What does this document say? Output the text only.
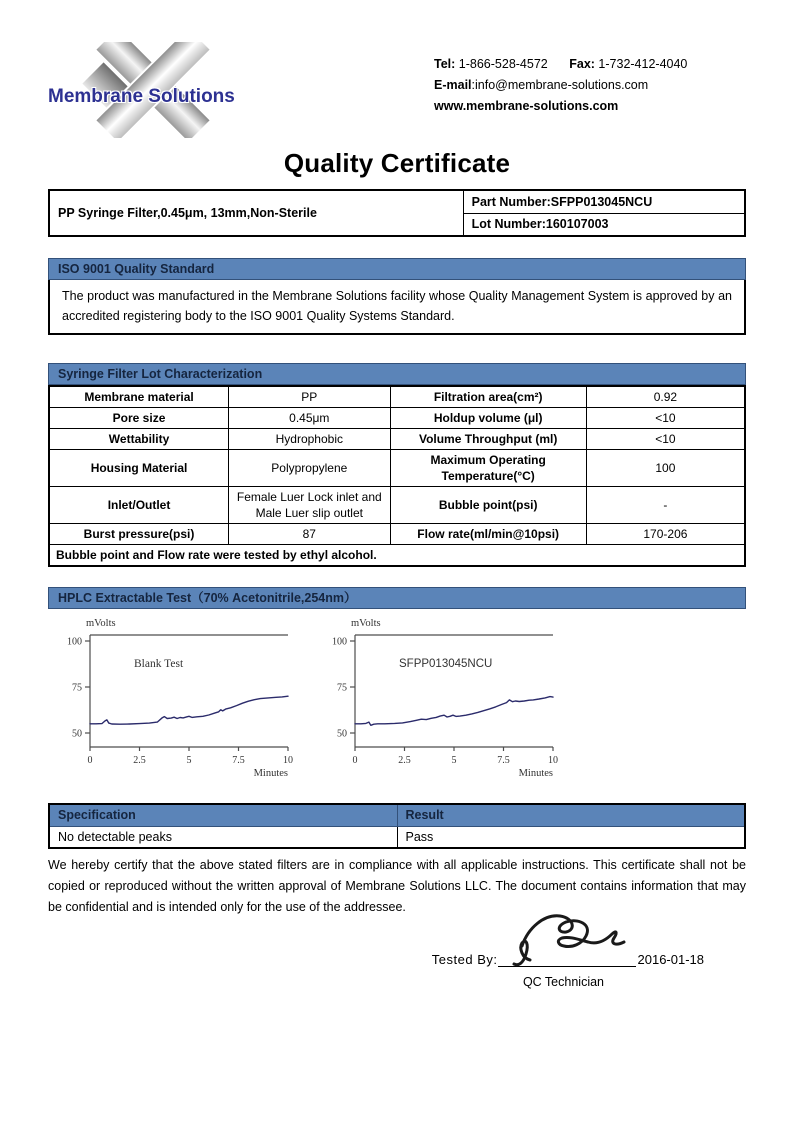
Membrane Solutions
Tel: 1-866-528-4572 Fax: 1-732-412-4040
E-mail:info@membrane-solutions.com
www.membrane-solutions.com
Quality Certificate
PP Syringe Filter,0.45μm, 13mm,Non-Sterile	Part Number:SFPP013045NCU
Lot Number:160107003
ISO 9001 Quality Standard
The product was manufactured in the Membrane Solutions facility whose Quality Management System is approved by an accredited registering body to the ISO 9001 Quality Systems Standard.
Syringe Filter Lot Characterization
Membrane material	PP	Filtration area(cm²)	0.92
Pore size	0.45μm	Holdup volume (μl)	<10
Wettability	Hydrophobic	Volume Throughput (ml)	<10
Housing Material	Polypropylene	Maximum Operating Temperature(°C)	100
Inlet/Outlet	Female Luer Lock inlet and Male Luer slip outlet	Bubble point(psi)	-
Burst pressure(psi)	87	Flow rate(ml/min@10psi)	170-206
Bubble point and Flow rate were tested by ethyl alcohol.			
HPLC Extractable Test（70% Acetonitrile,254nm）
50
75
100
0	2.5	5	7.5	10
mVolts
Minutes
Blank Test
50
75
100
0	2.5	5	7.5	10
mVolts
Minutes
SFPP013045NCU
Specification	Result
No detectable peaks	Pass

We hereby certify that the above stated filters are in compliance with all applicable instructions. This certificate shall not be copied or reproduced without the written approval of Membrane Solutions LLC. The document contains information that may be confidential and is intended only for the use of the addressee.

Tested By:	2016-01-18
QC Technician
